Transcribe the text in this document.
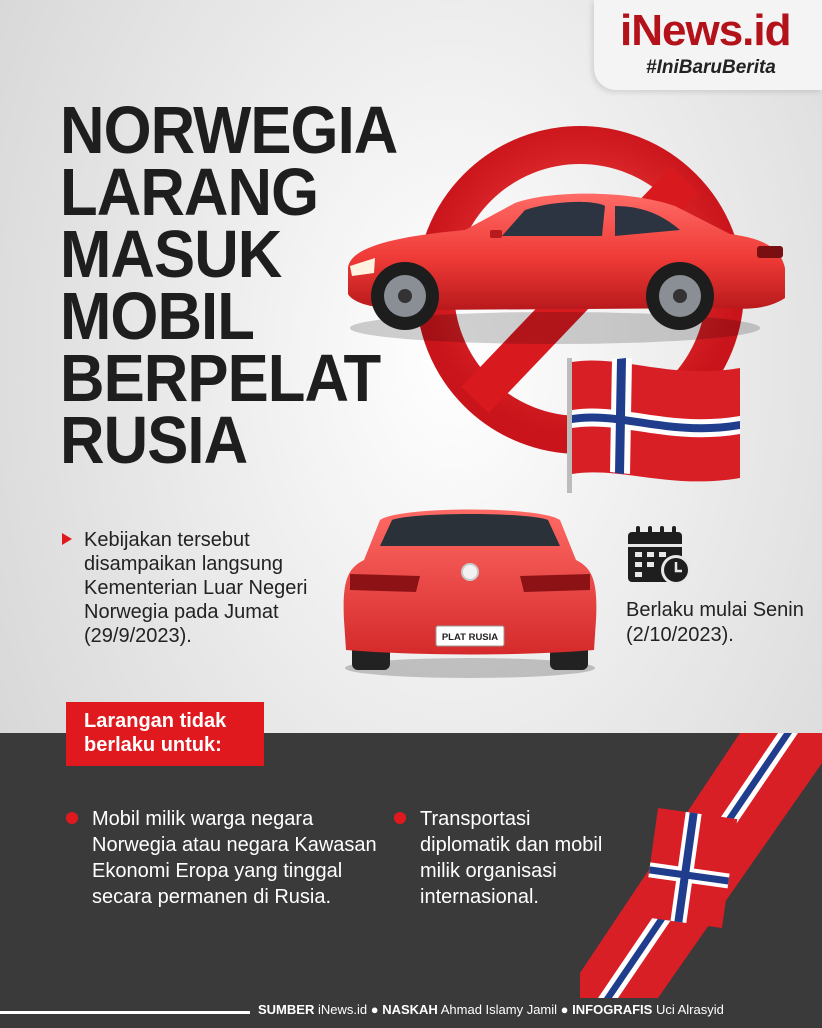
iNews.id
#IniBaruBerita
NORWEGIA
LARANG
MASUK
MOBIL
BERPELAT
RUSIA
PLAT RUSIA
Kebijakan tersebut disampaikan langsung Kementerian Luar Negeri Norwegia pada Jumat (29/9/2023).
Berlaku mulai Senin (2/10/2023).
Larangan tidak berlaku untuk:
Mobil milik warga negara Norwegia atau negara Kawasan Ekonomi Eropa yang tinggal secara permanen di Rusia.
Transportasi diplomatik dan mobil milik organisasi internasional.
SUMBER iNews.id ● NASKAH Ahmad Islamy Jamil ● INFOGRAFIS Uci Alrasyid
